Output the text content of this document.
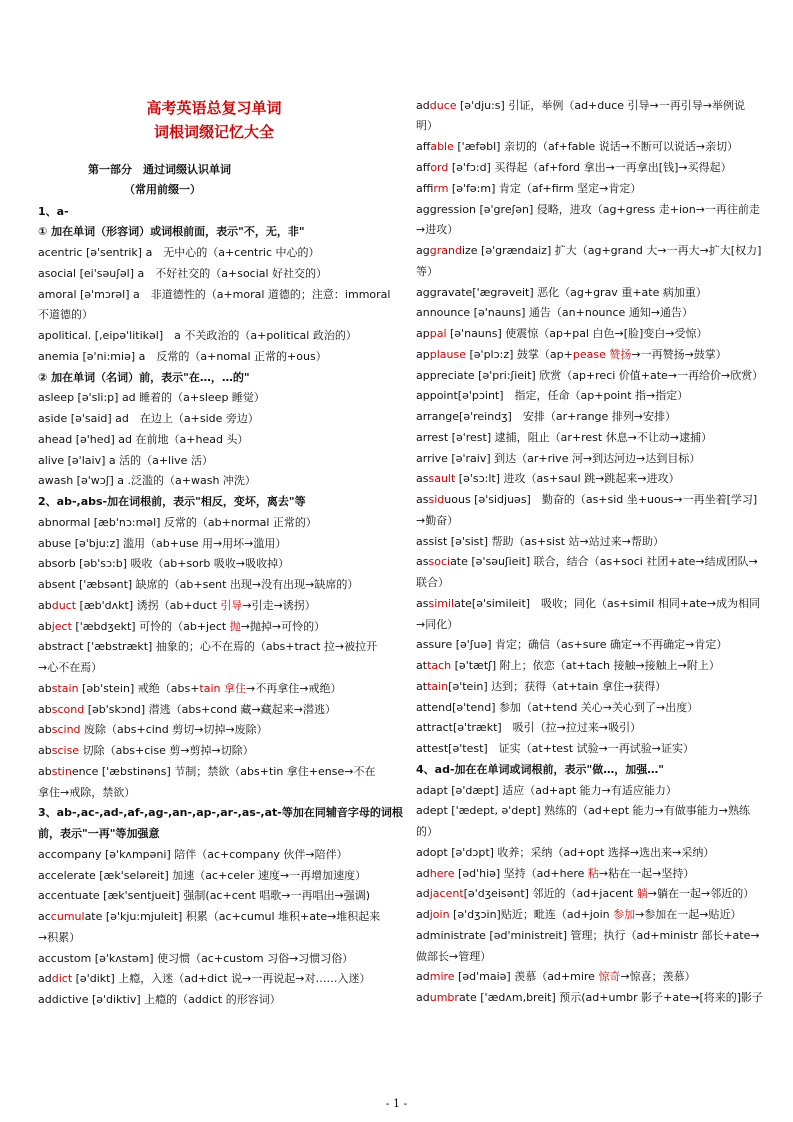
高考英语总复习单词
词根词缀记忆大全
第一部分　通过词缀认识单词
（常用前缀一）
1、a-
① 加在单词（形容词）或词根前面，表示"不，无，非"
acentric [ə'sentrik] a　无中心的（a+centric 中心的）
asocial [ei'səuʃəl] a　不好社交的（a+social 好社交的）
amoral [ə'mɔrəl] a　非道德性的（a+moral 道德的；注意：immoral
不道德的）
apolitical. [,eipə'litikəl]　a 不关政治的（a+political 政治的）
anemia [ə'ni:miə] a　反常的（a+nomal 正常的+ous）
② 加在单词（名词）前，表示"在…，…的"
asleep [ə'sli:p] ad 睡着的（a+sleep 睡觉）
aside [ə'said] ad　在边上（a+side 旁边）
ahead [ə'hed] ad 在前地（a+head 头）
alive [ə'laiv] a 活的（a+live 活）
awash [ə'wɔʃ] a .泛滥的（a+wash 冲洗）
2、ab-,abs-加在词根前，表示"相反，变坏，离去"等
abnormal [æb'nɔ:məl] 反常的（ab+normal 正常的）
abuse [ə'bju:z] 滥用（ab+use 用→用坏→滥用）
absorb [əb'sɔ:b] 吸收（ab+sorb 吸收→吸收掉）
absent ['æbsənt] 缺席的（ab+sent 出现→没有出现→缺席的）
abduct [æb'dʌkt] 诱拐（ab+duct 引导→引走→诱拐）
abject ['æbdʒekt] 可怜的（ab+ject 抛→抛掉→可怜的）
abstract ['æbstrækt] 抽象的；心不在焉的（abs+tract 拉→被拉开
→心不在焉）
abstain [əb'stein] 戒绝（abs+tain 拿住→不再拿住→戒绝）
abscond [əb'skɔnd] 潜逃（abs+cond 藏→藏起来→潜逃）
abscind 废除（abs+cind 剪切→切掉→废除）
abscise 切除（abs+cise 剪→剪掉→切除）
abstinence ['æbstinəns] 节制；禁欲（abs+tin 拿住+ense→不在
拿住→戒除，禁欲）
3、ab-,ac-,ad-,af-,ag-,an-,ap-,ar-,as-,at-等加在同辅音字母的词根
前，表示"一再"等加强意
accompany [ə'kʌmpəni] 陪伴（ac+company 伙伴→陪伴）
accelerate [æk'seləreit] 加速（ac+celer 速度→一再增加速度）
accentuate [æk'sentjueit] 强制(ac+cent 唱歌→一再唱出→强调)
accumulate [ə'kju:mjuleit] 积累（ac+cumul 堆积+ate→堆积起来
→积累）
accustom [ə'kʌstəm] 使习惯（ac+custom 习俗→习惯习俗）
addict [ə'dikt] 上瘾，入迷（ad+dict 说→一再说起→对……入迷）
addictive [ə'diktiv] 上瘾的（addict 的形容词）
adduce [ə'dju:s] 引证，举例（ad+duce 引导→一再引导→举例说
明）
affable ['æfəbl] 亲切的（af+fable 说话→不断可以说话→亲切）
afford [ə'fɔ:d] 买得起（af+ford 拿出→一再拿出[钱]→买得起）
affirm [ə'fə:m] 肯定（af+firm 坚定→肯定）
aggression [ə'greʃən] 侵略，进攻（ag+gress 走+ion→一再往前走
→进攻）
aggrandize [ə'grændaiz] 扩大（ag+grand 大→一再大→扩大[权力]
等）
aggravate['ægrəveit] 恶化（ag+grav 重+ate 病加重）
announce [ə'nauns] 通告（an+nounce 通知→通告）
appal [ə'nauns] 使震惊（ap+pal 白色→[脸]变白→受惊）
applause [ə'plɔ:z] 鼓掌（ap+pease 赞扬→一再赞扬→鼓掌）
appreciate [ə'pri:ʃieit] 欣赏（ap+reci 价值+ate→一再给价→欣赏）
appoint[ə'pɔint]　指定，任命（ap+point 指→指定）
arrange[ə'reindʒ]　安排（ar+range 排列→安排）
arrest [ə'rest] 逮捕，阻止（ar+rest 休息→不让动→逮捕）
arrive [ə'raiv] 到达（ar+rive 河→到达河边→达到目标）
assault [ə'sɔ:lt] 进攻（as+saul 跳→跳起来→进攻）
assiduous [ə'sidjuəs]　勤奋的（as+sid 坐+uous→一再坐着[学习]
→勤奋）
assist [ə'sist] 帮助（as+sist 站→站过来→帮助）
associate [ə'səuʃieit] 联合，结合（as+soci 社团+ate→结成团队→
联合）
assimilate[ə'simileit]　吸收；同化（as+simil 相同+ate→成为相同
→同化）
assure [ə'ʃuə] 肯定；确信（as+sure 确定→不再确定→肯定）
attach [ə'tætʃ] 附上；依恋（at+tach 接触→接触上→附上）
attain[ə'tein] 达到；获得（at+tain 拿住→获得）
attend[ə'tend] 参加（at+tend 关心→关心到了→出度）
attract[ə'trækt]　吸引（拉→拉过来→吸引）
attest[ə'test]　证实（at+test 试验→一再试验→证实）
4、ad-加在在单词或词根前，表示"做…，加强…"
adapt [ə'dæpt] 适应（ad+apt 能力→有适应能力）
adept ['ædept, ə'dept] 熟练的（ad+ept 能力→有做事能力→熟练
的）
adopt [ə'dɔpt] 收养；采纳（ad+opt 选择→选出来→采纳）
adhere [əd'hiə] 坚持（ad+here 粘→粘在一起→坚持）
adjacent[ə'dʒeisənt] 邻近的（ad+jacent 躺→躺在一起→邻近的）
adjoin [ə'dʒɔin]贴近；毗连（ad+join 参加→参加在一起→贴近）
administrate [əd'ministreit] 管理；执行（ad+ministr 部长+ate→
做部长→管理）
admire [əd'maiə] 羡慕（ad+mire 惊奇→惊喜；羡慕）
adumbrate ['ædʌm,breit] 预示(ad+umbr 影子+ate→[将来的]影子
- 1 -
